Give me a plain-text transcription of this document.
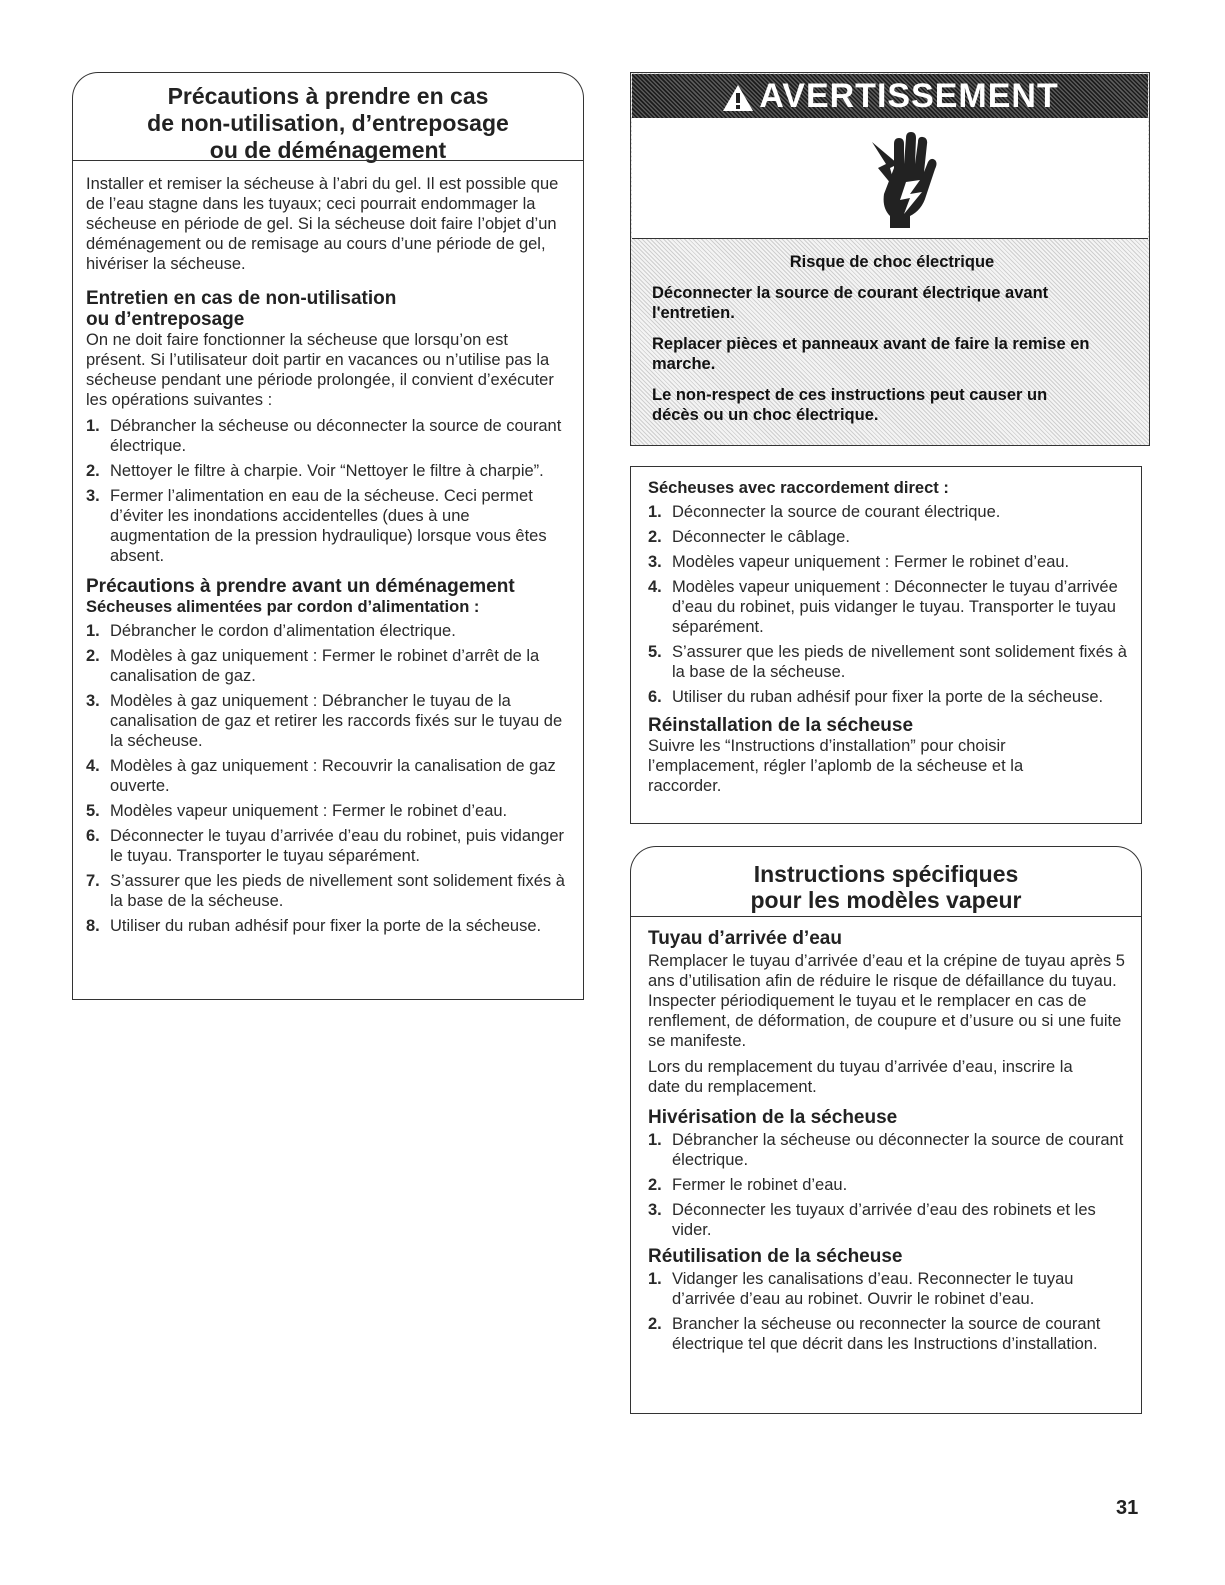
Précautions à prendre en cas
de non-utilisation, d’entreposage
ou de déménagement

Installer et remiser la sécheuse à l’abri du gel. Il est possible que de l’eau stagne dans les tuyaux; ceci pourrait endommager la sécheuse en période de gel. Si la sécheuse doit faire l’objet d’un déménagement ou de remisage au cours d’une période de gel, hivériser la sécheuse.

Entretien en cas de non-utilisation
ou d’entreposage

On ne doit faire fonctionner la sécheuse que lorsqu’on est présent. Si l’utilisateur doit partir en vacances ou n’utilise pas la sécheuse pendant une période prolongée, il convient d’exécuter les opérations suivantes :

1. Débrancher la sécheuse ou déconnecter la source de courant électrique.
2. Nettoyer le filtre à charpie. Voir “Nettoyer le filtre à charpie”.
3. Fermer l’alimentation en eau de la sécheuse. Ceci permet d’éviter les inondations accidentelles (dues à une augmentation de la pression hydraulique) lorsque vous êtes absent.
Précautions à prendre avant un déménagement
Sécheuses alimentées par cordon d’alimentation :
1. Débrancher le cordon d’alimentation électrique.
2. Modèles à gaz uniquement : Fermer le robinet d’arrêt de la canalisation de gaz.
3. Modèles à gaz uniquement : Débrancher le tuyau de la canalisation de gaz et retirer les raccords fixés sur le tuyau de la sécheuse.
4. Modèles à gaz uniquement : Recouvrir la canalisation de gaz ouverte.
5. Modèles vapeur uniquement : Fermer le robinet d’eau.
6. Déconnecter le tuyau d’arrivée d’eau du robinet, puis vidanger le tuyau. Transporter le tuyau séparément.
7. S’assurer que les pieds de nivellement sont solidement fixés à la base de la sécheuse.
8. Utiliser du ruban adhésif pour fixer la porte de la sécheuse.
AVERTISSEMENT
Risque de choc électrique
Déconnecter la source de courant électrique avant l'entretien.
Replacer pièces et panneaux avant de faire la remise en marche.
Le non-respect de ces instructions peut causer un décès ou un choc électrique.
Sécheuses avec raccordement direct :
1. Déconnecter la source de courant électrique.
2. Déconnecter le câblage.
3. Modèles vapeur uniquement : Fermer le robinet d’eau.
4. Modèles vapeur uniquement : Déconnecter le tuyau d’arrivée d’eau du robinet, puis vidanger le tuyau. Transporter le tuyau séparément.
5. S’assurer que les pieds de nivellement sont solidement fixés à la base de la sécheuse.
6. Utiliser du ruban adhésif pour fixer la porte de la sécheuse.
Réinstallation de la sécheuse

Suivre les “Instructions d’installation” pour choisir l’emplacement, régler l’aplomb de la sécheuse et la raccorder.

Instructions spécifiques
pour les modèles vapeur
Tuyau d’arrivée d’eau

Remplacer le tuyau d’arrivée d’eau et la crépine de tuyau après 5 ans d’utilisation afin de réduire le risque de défaillance du tuyau. Inspecter périodiquement le tuyau et le remplacer en cas de renflement, de déformation, de coupure et d’usure ou si une fuite se manifeste.

Lors du remplacement du tuyau d’arrivée d’eau, inscrire la date du remplacement.

Hivérisation de la sécheuse
1. Débrancher la sécheuse ou déconnecter la source de courant électrique.
2. Fermer le robinet d’eau.
3. Déconnecter les tuyaux d’arrivée d’eau des robinets et les vider.
Réutilisation de la sécheuse
1. Vidanger les canalisations d’eau. Reconnecter le tuyau d’arrivée d’eau au robinet. Ouvrir le robinet d’eau.
2. Brancher la sécheuse ou reconnecter la source de courant électrique tel que décrit dans les Instructions d’installation.
31
